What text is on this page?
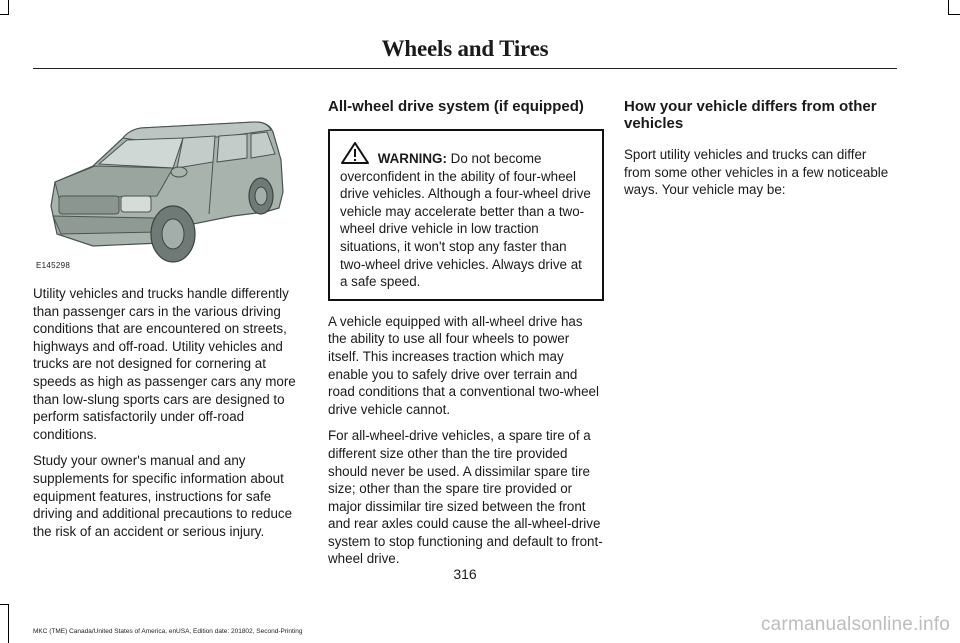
Wheels and Tires
E145298

Utility vehicles and trucks handle differently than passenger cars in the various driving conditions that are encountered on streets, highways and off-road. Utility vehicles and trucks are not designed for cornering at speeds as high as passenger cars any more than low-slung sports cars are designed to perform satisfactorily under off-road conditions.

Study your owner's manual and any supplements for specific information about equipment features, instructions for safe driving and additional precautions to reduce the risk of an accident or serious injury.

All-wheel drive system (if equipped)
WARNING: Do not become overconfident in the ability of four-wheel drive vehicles. Although a four-wheel drive vehicle may accelerate better than a two-wheel drive vehicle in low traction situations, it won't stop any faster than two-wheel drive vehicles. Always drive at a safe speed.

A vehicle equipped with all-wheel drive has the ability to use all four wheels to power itself. This increases traction which may enable you to safely drive over terrain and road conditions that a conventional two-wheel drive vehicle cannot.

For all-wheel-drive vehicles, a spare tire of a different size other than the tire provided should never be used. A dissimilar spare tire size; other than the spare tire provided or major dissimilar tire sized between the front and rear axles could cause the all-wheel-drive system to stop functioning and default to front-wheel drive.

How your vehicle differs from other vehicles

Sport utility vehicles and trucks can differ from some other vehicles in a few noticeable ways. Your vehicle may be:

316
MKC (TME) Canada/United States of America, enUSA, Edition date: 201802, Second-Printing	carmanualsonline.info
